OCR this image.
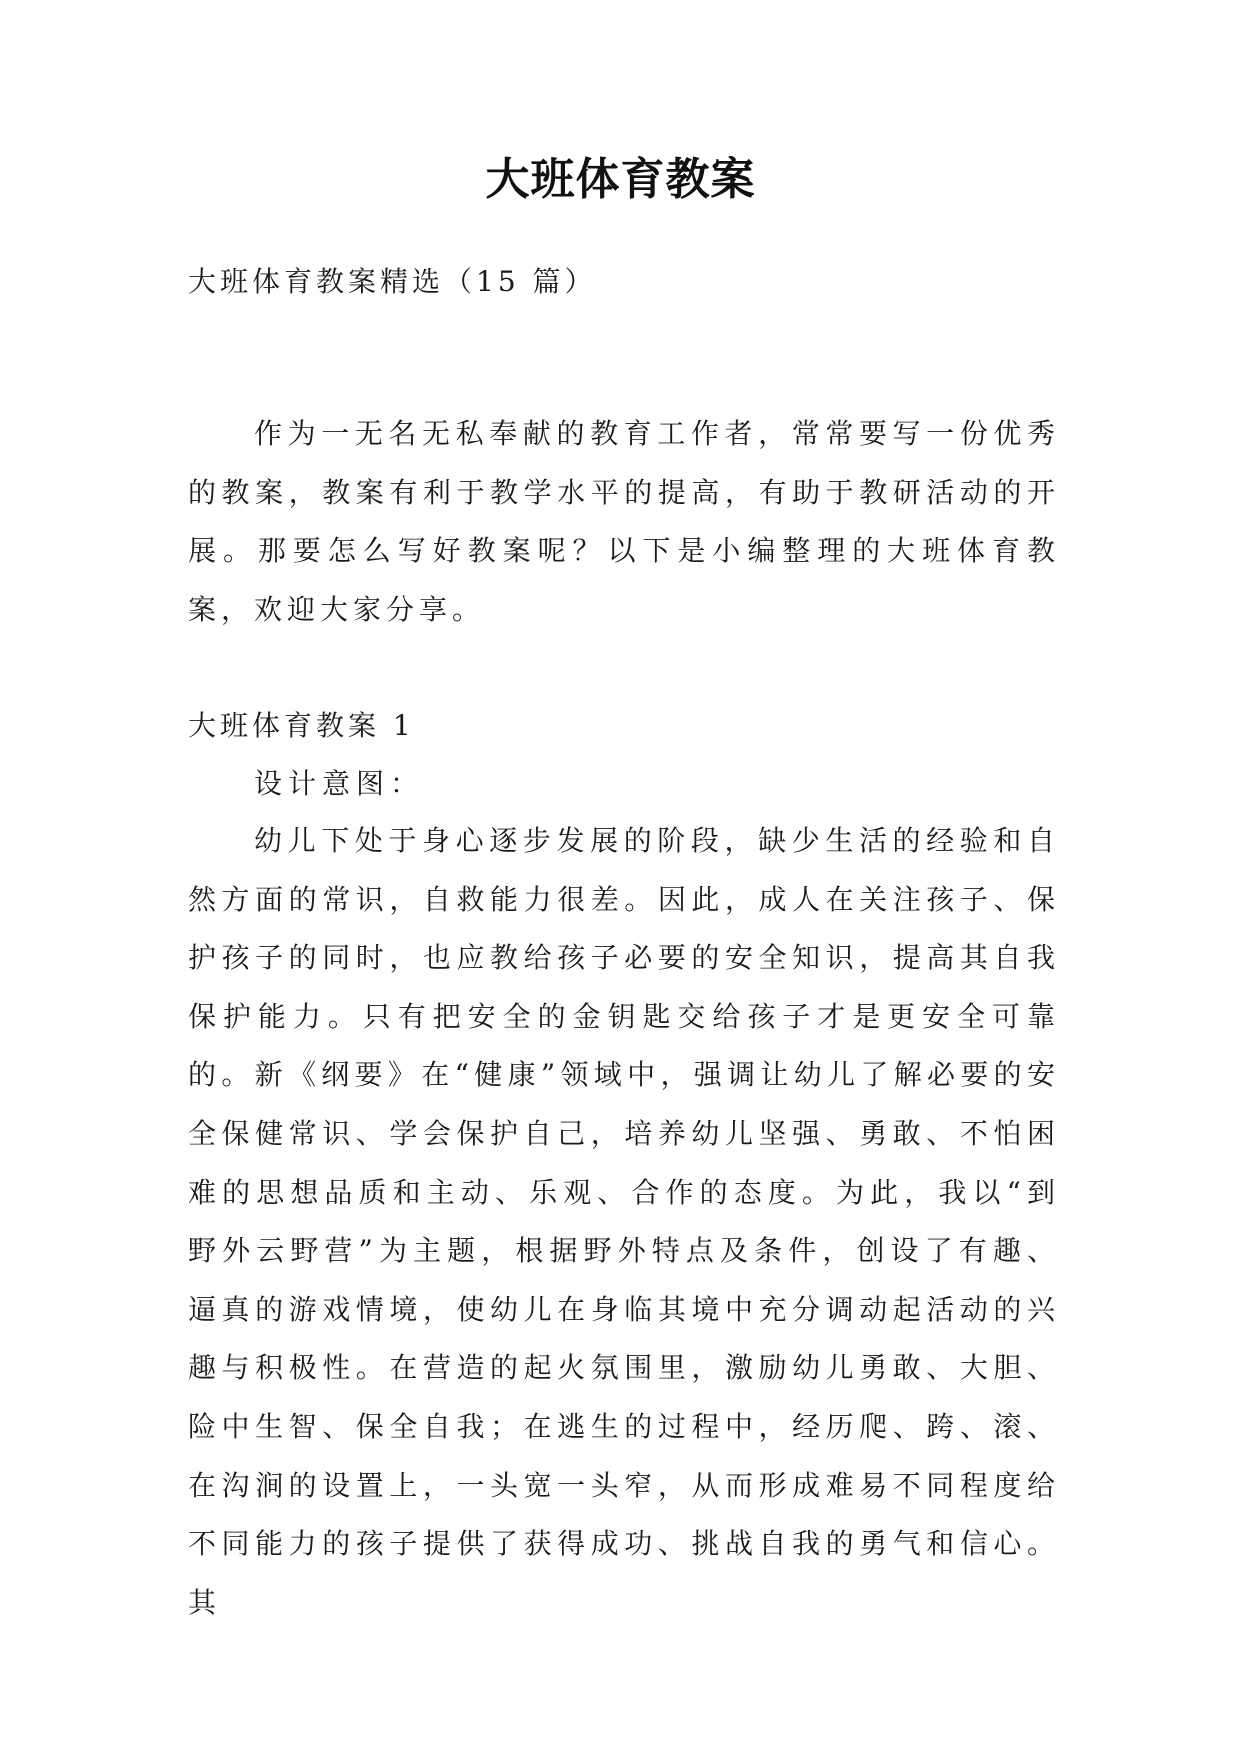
大班体育教案
大班体育教案精选（15 篇）

作为一无名无私奉献的教育工作者，常常要写一份优秀的教案，教案有利于教学水平的提高，有助于教研活动的开展。那要怎么写好教案呢？以下是小编整理的大班体育教案，欢迎大家分享。

大班体育教案 1
设计意图：

幼儿下处于身心逐步发展的阶段，缺少生活的经验和自然方面的常识，自救能力很差。因此，成人在关注孩子、保护孩子的同时，也应教给孩子必要的安全知识，提高其自我保护能力。只有把安全的金钥匙交给孩子才是更安全可靠的。新《纲要》在“健康”领域中，强调让幼儿了解必要的安全保健常识、学会保护自己，培养幼儿坚强、勇敢、不怕困难的思想品质和主动、乐观、合作的态度。为此，我以“到野外云野营”为主题，根据野外特点及条件，创设了有趣、逼真的游戏情境，使幼儿在身临其境中充分调动起活动的兴趣与积极性。在营造的起火氛围里，激励幼儿勇敢、大胆、险中生智、保全自我；在逃生的过程中，经历爬、跨、滚、在沟涧的设置上，一头宽一头窄，从而形成难易不同程度给不同能力的孩子提供了获得成功、挑战自我的勇气和信心。其
